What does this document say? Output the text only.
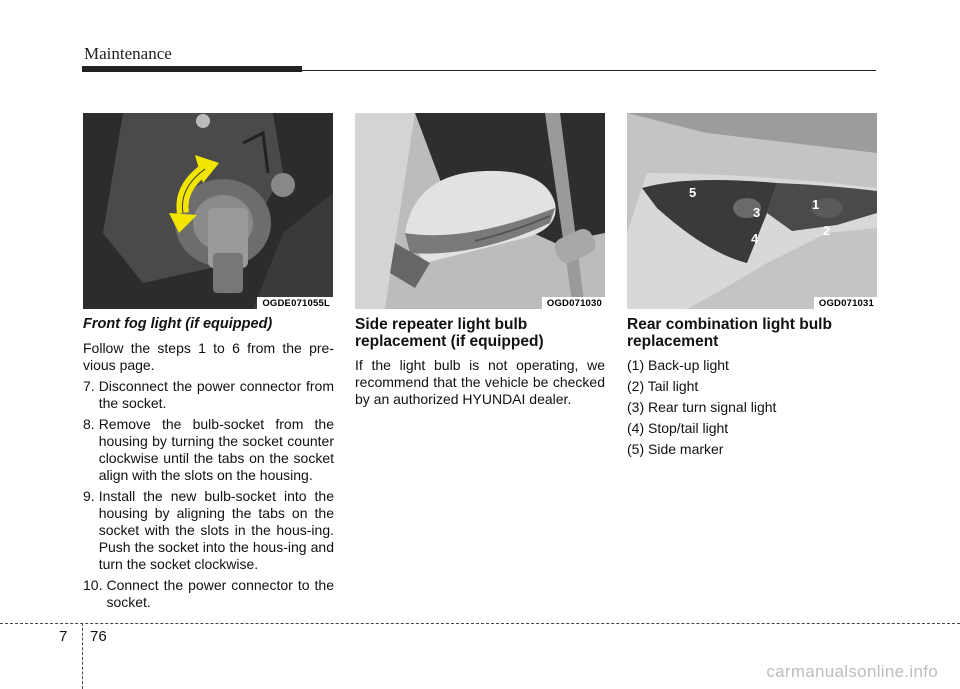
Maintenance
OGDE071055L	OGD071030
5
3
1
4
2
OGD071031
Front fog light (if equipped)

Follow the steps 1 to 6 from the pre-vious page.

7. Disconnect the power connector from the socket.
8. Remove the bulb-socket from the housing by turning the socket counter clockwise until the tabs on the socket align with the slots on the housing.
9. Install the new bulb-socket into the housing by aligning the tabs on the socket with the slots in the hous-ing. Push the socket into the hous-ing and turn the socket clockwise.
10. Connect the power connector to the socket.
Side repeater light bulb replacement (if equipped)

If the light bulb is not operating, we recommend that the vehicle be checked by an authorized HYUNDAI dealer.

Rear combination light bulb replacement
(1) Back-up light
(2) Tail light
(3) Rear turn signal light
(4) Stop/tail light
(5) Side marker
7 76
carmanualsonline.info
